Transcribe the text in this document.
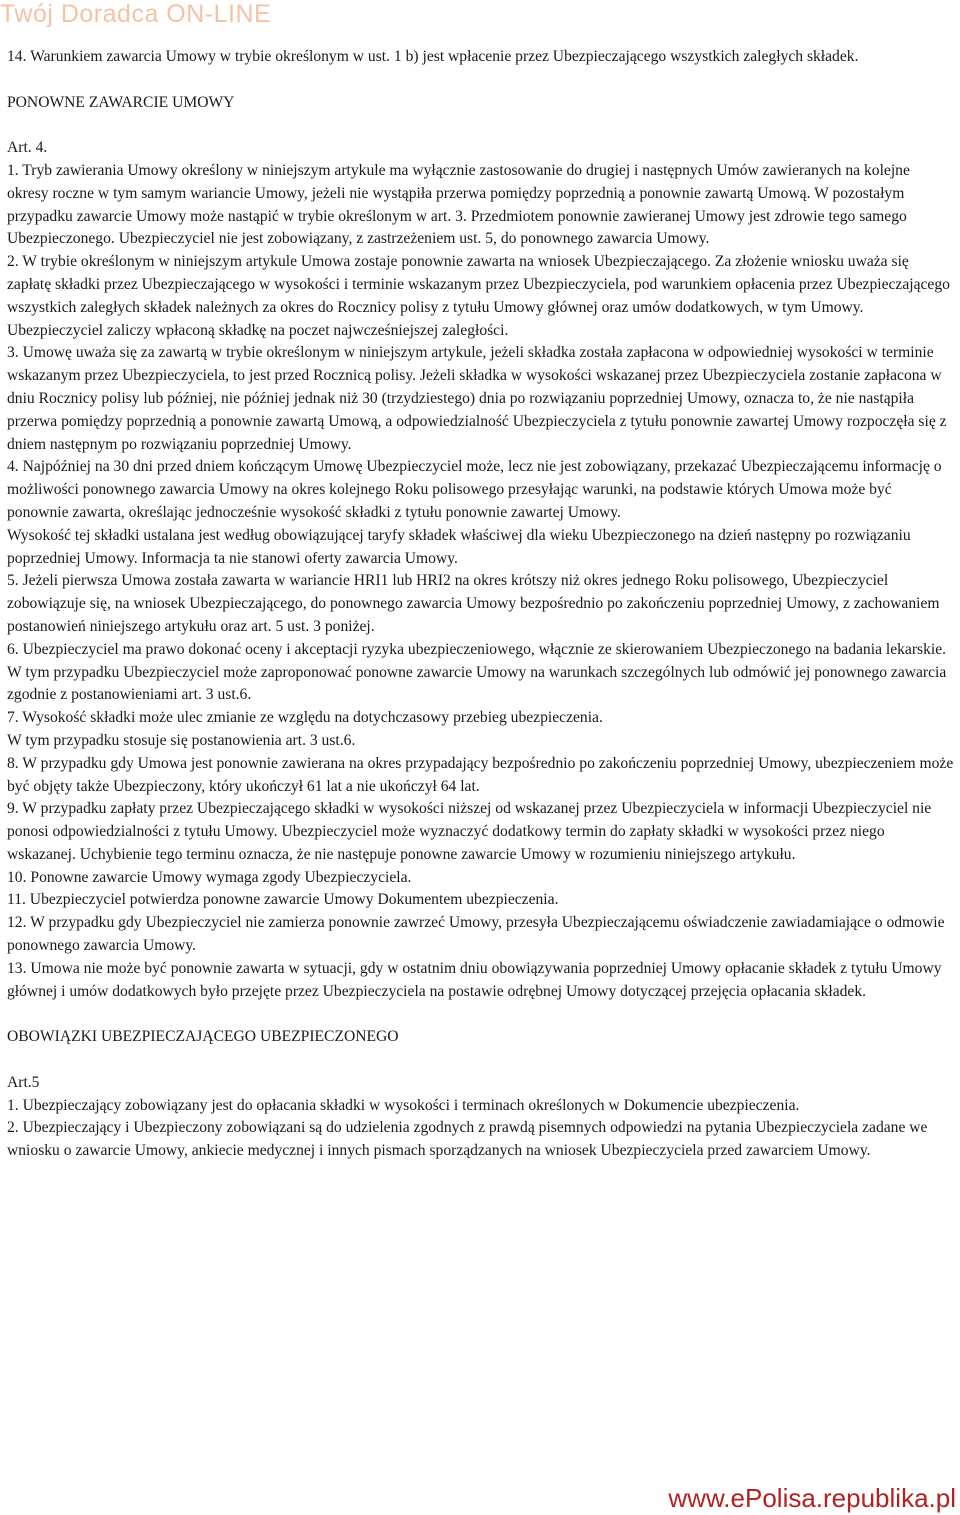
Twój Doradca ON-LINE

14. Warunkiem zawarcia Umowy w trybie określonym w ust. 1 b) jest wpłacenie przez Ubezpieczającego wszystkich zaległych składek.

PONOWNE ZAWARCIE UMOWY

Art. 4.

1. Tryb zawierania Umowy określony w niniejszym artykule ma wyłącznie zastosowanie do drugiej i następnych Umów zawieranych na kolejne okresy roczne w tym samym wariancie Umowy, jeżeli nie wystąpiła przerwa pomiędzy poprzednią a ponownie zawartą Umową. W pozostałym przypadku zawarcie Umowy może nastąpić w trybie określonym w art. 3. Przedmiotem ponownie zawieranej Umowy jest zdrowie tego samego Ubezpieczonego. Ubezpieczyciel nie jest zobowiązany, z zastrzeżeniem ust. 5, do ponownego zawarcia Umowy.

2. W trybie określonym w niniejszym artykule Umowa zostaje ponownie zawarta na wniosek Ubezpieczającego. Za złożenie wniosku uważa się zapłatę składki przez Ubezpieczającego w wysokości i terminie wskazanym przez Ubezpieczyciela, pod warunkiem opłacenia przez Ubezpieczającego wszystkich zaległych składek należnych za okres do Rocznicy polisy z tytułu Umowy głównej oraz umów dodatkowych, w tym Umowy. Ubezpieczyciel zaliczy wpłaconą składkę na poczet najwcześniejszej zaległości.

3. Umowę uważa się za zawartą w trybie określonym w niniejszym artykule, jeżeli składka została zapłacona w odpowiedniej wysokości w terminie wskazanym przez Ubezpieczyciela, to jest przed Rocznicą polisy. Jeżeli składka w wysokości wskazanej przez Ubezpieczyciela zostanie zapłacona w dniu Rocznicy polisy lub później, nie później jednak niż 30 (trzydziestego) dnia po rozwiązaniu poprzedniej Umowy, oznacza to, że nie nastąpiła przerwa pomiędzy poprzednią a ponownie zawartą Umową, a odpowiedzialność Ubezpieczyciela z tytułu ponownie zawartej Umowy rozpoczęła się z dniem następnym po rozwiązaniu poprzedniej Umowy.

4. Najpóźniej na 30 dni przed dniem kończącym Umowę Ubezpieczyciel może, lecz nie jest zobowiązany, przekazać Ubezpieczającemu informację o możliwości ponownego zawarcia Umowy na okres kolejnego Roku polisowego przesyłając warunki, na podstawie których Umowa może być ponownie zawarta, określając jednocześnie wysokość składki z tytułu ponownie zawartej Umowy.

Wysokość tej składki ustalana jest według obowiązującej taryfy składek właściwej dla wieku Ubezpieczonego na dzień następny po rozwiązaniu poprzedniej Umowy. Informacja ta nie stanowi oferty zawarcia Umowy.

5. Jeżeli pierwsza Umowa została zawarta w wariancie HRI1 lub HRI2 na okres krótszy niż okres jednego Roku polisowego, Ubezpieczyciel zobowiązuje się, na wniosek Ubezpieczającego, do ponownego zawarcia Umowy bezpośrednio po zakończeniu poprzedniej Umowy, z zachowaniem postanowień niniejszego artykułu oraz art. 5 ust. 3 poniżej.

6. Ubezpieczyciel ma prawo dokonać oceny i akceptacji ryzyka ubezpieczeniowego, włącznie ze skierowaniem Ubezpieczonego na badania lekarskie. W tym przypadku Ubezpieczyciel może zaproponować ponowne zawarcie Umowy na warunkach szczególnych lub odmówić jej ponownego zawarcia zgodnie z postanowieniami art. 3 ust.6.

7. Wysokość składki może ulec zmianie ze względu na dotychczasowy przebieg ubezpieczenia.

W tym przypadku stosuje się postanowienia art. 3 ust.6.

8. W przypadku gdy Umowa jest ponownie zawierana na okres przypadający bezpośrednio po zakończeniu poprzedniej Umowy, ubezpieczeniem może być objęty także Ubezpieczony, który ukończył 61 lat a nie ukończył 64 lat.

9. W przypadku zapłaty przez Ubezpieczającego składki w wysokości niższej od wskazanej przez Ubezpieczyciela w informacji Ubezpieczyciel nie ponosi odpowiedzialności z tytułu Umowy. Ubezpieczyciel może wyznaczyć dodatkowy termin do zapłaty składki w wysokości przez niego wskazanej. Uchybienie tego terminu oznacza, że nie następuje ponowne zawarcie Umowy w rozumieniu niniejszego artykułu.

10. Ponowne zawarcie Umowy wymaga zgody Ubezpieczyciela.

11. Ubezpieczyciel potwierdza ponowne zawarcie Umowy Dokumentem ubezpieczenia.

12. W przypadku gdy Ubezpieczyciel nie zamierza ponownie zawrzeć Umowy, przesyła Ubezpieczającemu oświadczenie zawiadamiające o odmowie ponownego zawarcia Umowy.

13. Umowa nie może być ponownie zawarta w sytuacji, gdy w ostatnim dniu obowiązywania poprzedniej Umowy opłacanie składek z tytułu Umowy głównej i umów dodatkowych było przejęte przez Ubezpieczyciela na postawie odrębnej Umowy dotyczącej przejęcia opłacania składek.

OBOWIĄZKI UBEZPIECZAJĄCEGO UBEZPIECZONEGO

Art.5

1. Ubezpieczający zobowiązany jest do opłacania składki w wysokości i terminach określonych w Dokumencie ubezpieczenia.

2. Ubezpieczający i Ubezpieczony zobowiązani są do udzielenia zgodnych z prawdą pisemnych odpowiedzi na pytania Ubezpieczyciela zadane we wniosku o zawarcie Umowy, ankiecie medycznej i innych pismach sporządzanych na wniosek Ubezpieczyciela przed zawarciem Umowy.

www.ePolisa.republika.pl
